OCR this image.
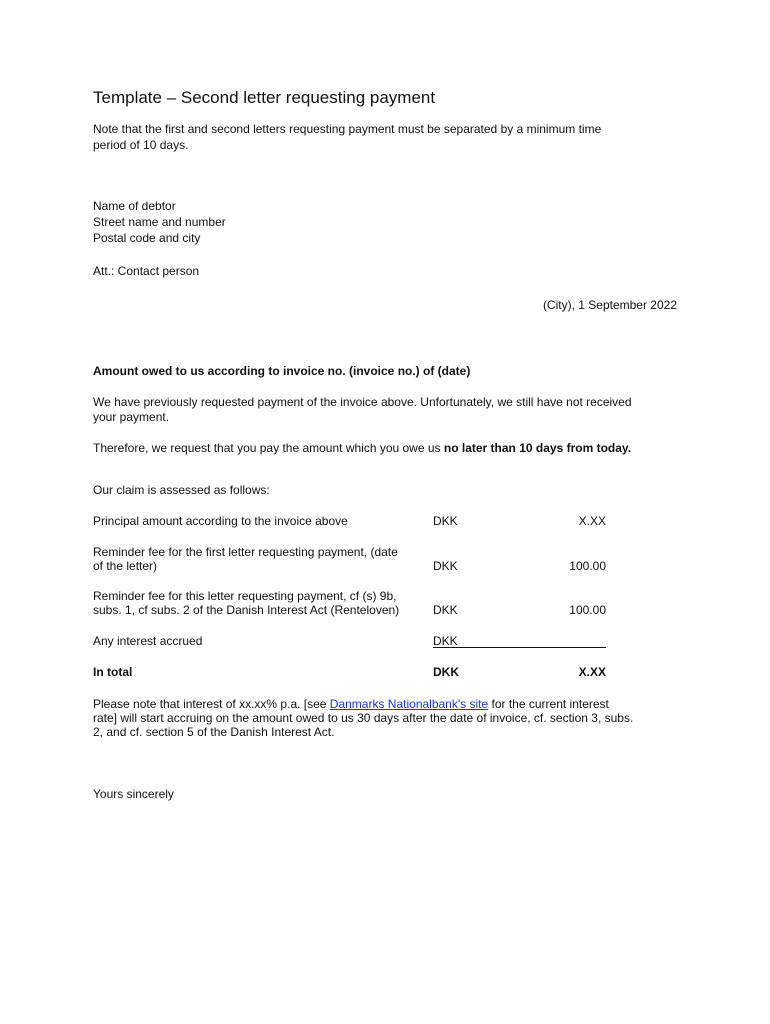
Template – Second letter requesting payment
Note that the first and second letters requesting payment must be separated by a minimum time
period of 10 days.
Name of debtor
Street name and number
Postal code and city
Att.: Contact person
(City), 1 September 2022
Amount owed to us according to invoice no. (invoice no.) of (date)
We have previously requested payment of the invoice above. Unfortunately, we still have not received
your payment.
Therefore, we request that you pay the amount which you owe us no later than 10 days from today.
Our claim is assessed as follows:
Principal amount according to the invoice above	DKK	X.XX
Reminder fee for the first letter requesting payment, (date
of the letter)	DKK	100.00
Reminder fee for this letter requesting payment, cf (s) 9b,
subs. 1, cf subs. 2 of the Danish Interest Act (Renteloven)	DKK	100.00
Any interest accrued	DKK
In total	DKK	X.XX
Please note that interest of xx.xx% p.a. [see Danmarks Nationalbank's site for the current interest
rate] will start accruing on the amount owed to us 30 days after the date of invoice, cf. section 3, subs.
2, and cf. section 5 of the Danish Interest Act.
Yours sincerely
